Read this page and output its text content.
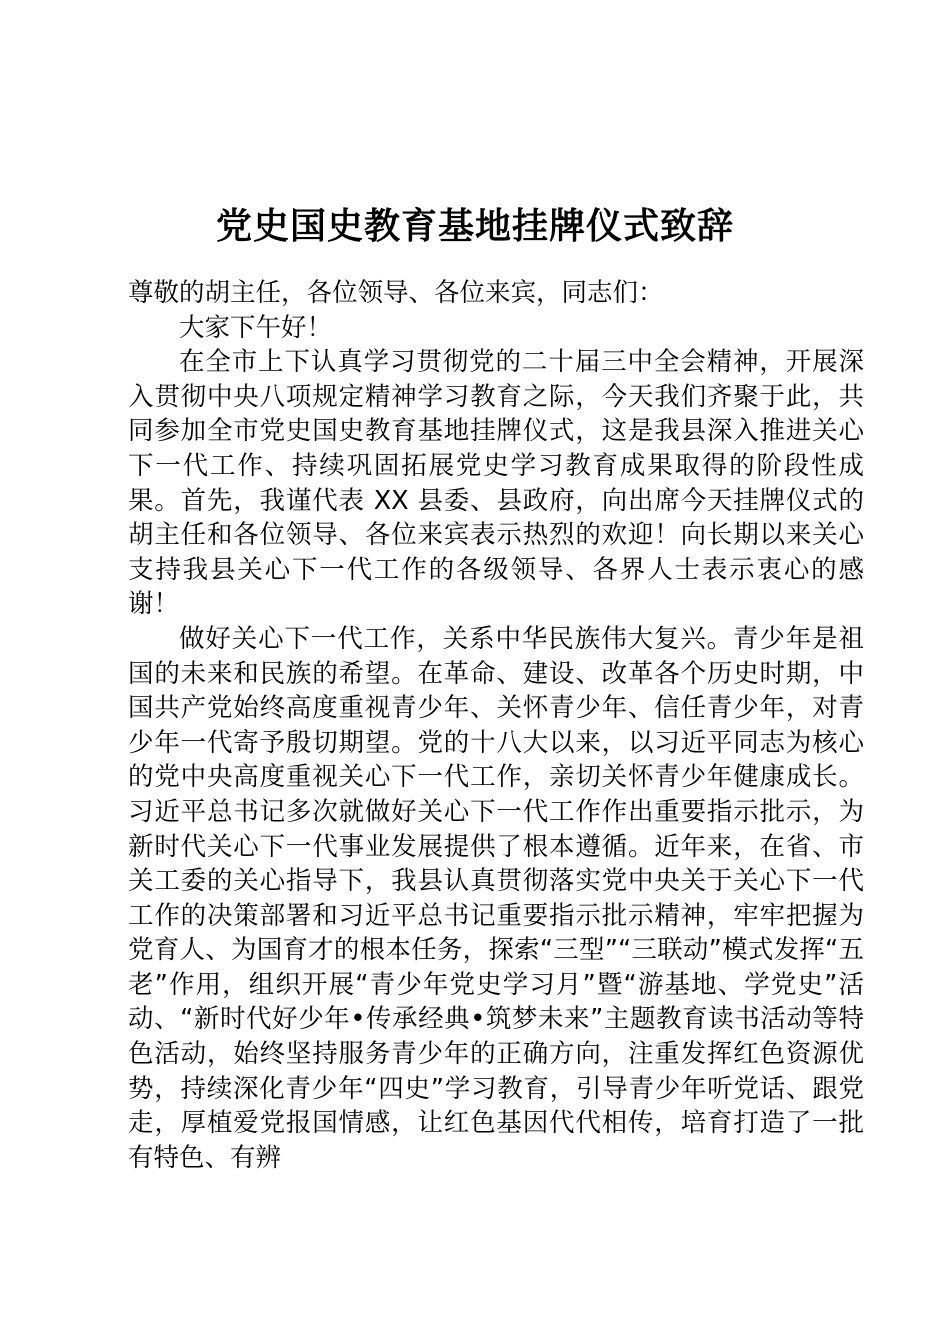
党史国史教育基地挂牌仪式致辞

尊敬的胡主任，各位领导、各位来宾，同志们：

大家下午好！

在全市上下认真学习贯彻党的二十届三中全会精神，开展深入贯彻中央八项规定精神学习教育之际，今天我们齐聚于此，共同参加全市党史国史教育基地挂牌仪式，这是我县深入推进关心下一代工作、持续巩固拓展党史学习教育成果取得的阶段性成果。首先，我谨代表 XX 县委、县政府，向出席今天挂牌仪式的胡主任和各位领导、各位来宾表示热烈的欢迎！向长期以来关心支持我县关心下一代工作的各级领导、各界人士表示衷心的感谢！

做好关心下一代工作，关系中华民族伟大复兴。青少年是祖国的未来和民族的希望。在革命、建设、改革各个历史时期，中国共产党始终高度重视青少年、关怀青少年、信任青少年，对青少年一代寄予殷切期望。党的十八大以来，以习近平同志为核心的党中央高度重视关心下一代工作，亲切关怀青少年健康成长。习近平总书记多次就做好关心下一代工作作出重要指示批示，为新时代关心下一代事业发展提供了根本遵循。近年来，在省、市关工委的关心指导下，我县认真贯彻落实党中央关于关心下一代工作的决策部署和习近平总书记重要指示批示精神，牢牢把握为党育人、为国育才的根本任务，探索“三型”“三联动”模式发挥“五老”作用，组织开展“青少年党史学习月”暨“游基地、学党史”活动、“新时代好少年•传承经典•筑梦未来”主题教育读书活动等特色活动，始终坚持服务青少年的正确方向，注重发挥红色资源优势，持续深化青少年“四史”学习教育，引导青少年听党话、跟党走，厚植爱党报国情感，让红色基因代代相传，培育打造了一批有特色、有辨
